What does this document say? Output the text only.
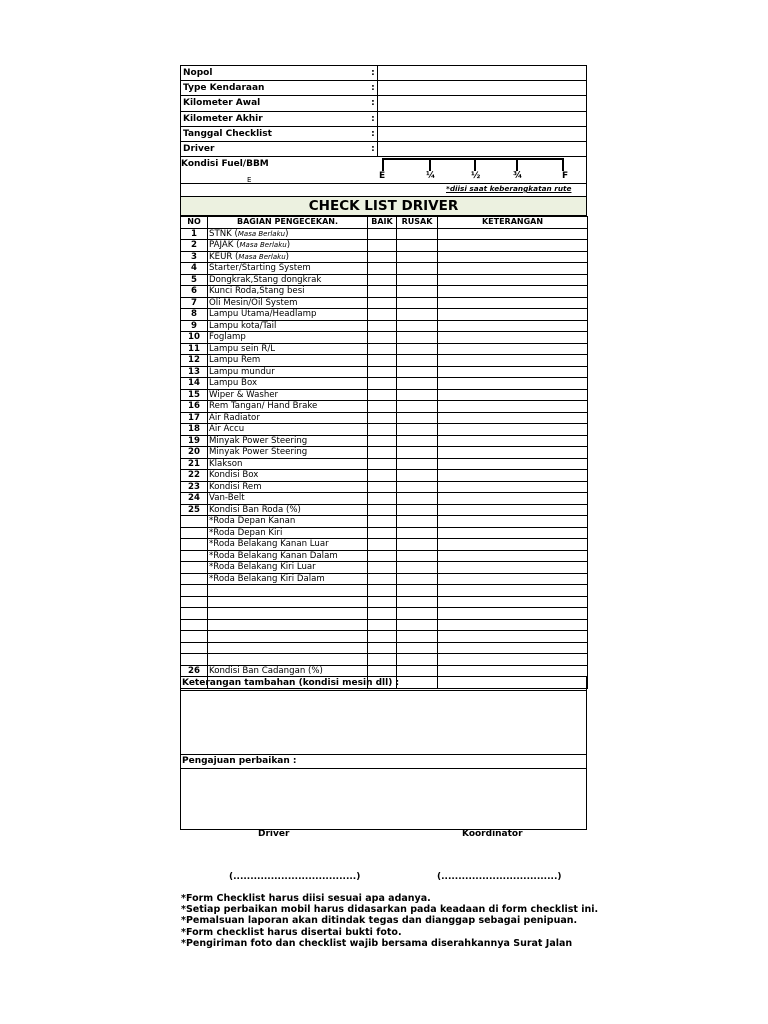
Nopol :	

Type Kendaraan :	

Kilometer Awal :	

Kilometer Akhir :	

Tanggal Checklist :	

Driver :	

Kondisi Fuel/BBM
E	¼	½	¾	F
E
*diisi saat keberangkatan rute
CHECK LIST DRIVER
NO	BAGIAN PENGECEKAN.	BAIK	RUSAK	KETERANGAN
1	STNK (Masa Berlaku)			
2	PAJAK (Masa Berlaku)			
3	KEUR (Masa Berlaku)			
4	Starter/Starting System			
5	Dongkrak,Stang dongkrak			
6	Kunci Roda,Stang besi			
7	Oli Mesin/Oil System			
8	Lampu Utama/Headlamp			
9	Lampu kota/Tail			
10	Foglamp			
11	Lampu sein R/L			
12	Lampu Rem			
13	Lampu mundur			
14	Lampu Box			
15	Wiper & Washer			
16	Rem Tangan/ Hand Brake			
17	Air Radiator			
18	Air Accu			
19	Minyak Power Steering			
20	Minyak Power Steering			
21	Klakson			
22	Kondisi Box			
23	Kondisi Rem			
24	Van-Belt			
25	Kondisi Ban Roda (%)			
	*Roda Depan Kanan			
	*Roda Depan Kiri			
	*Roda Belakang Kanan Luar			
	*Roda Belakang Kanan Dalam			
	*Roda Belakang Kiri Luar			
	*Roda Belakang Kiri Dalam			

26	Kondisi Ban Cadangan (%)			

Keterangan tambahan (kondisi mesin dll) :
Pengajuan perbaikan :
Driver	Koordinator
(....................................)	(..................................)
*Form Checklist harus diisi sesuai apa adanya.
*Setiap perbaikan mobil harus didasarkan pada keadaan di form checklist ini.
*Pemalsuan laporan akan ditindak tegas dan dianggap sebagai penipuan.
*Form checklist harus disertai bukti foto.
*Pengiriman foto dan checklist wajib bersama diserahkannya Surat Jalan
